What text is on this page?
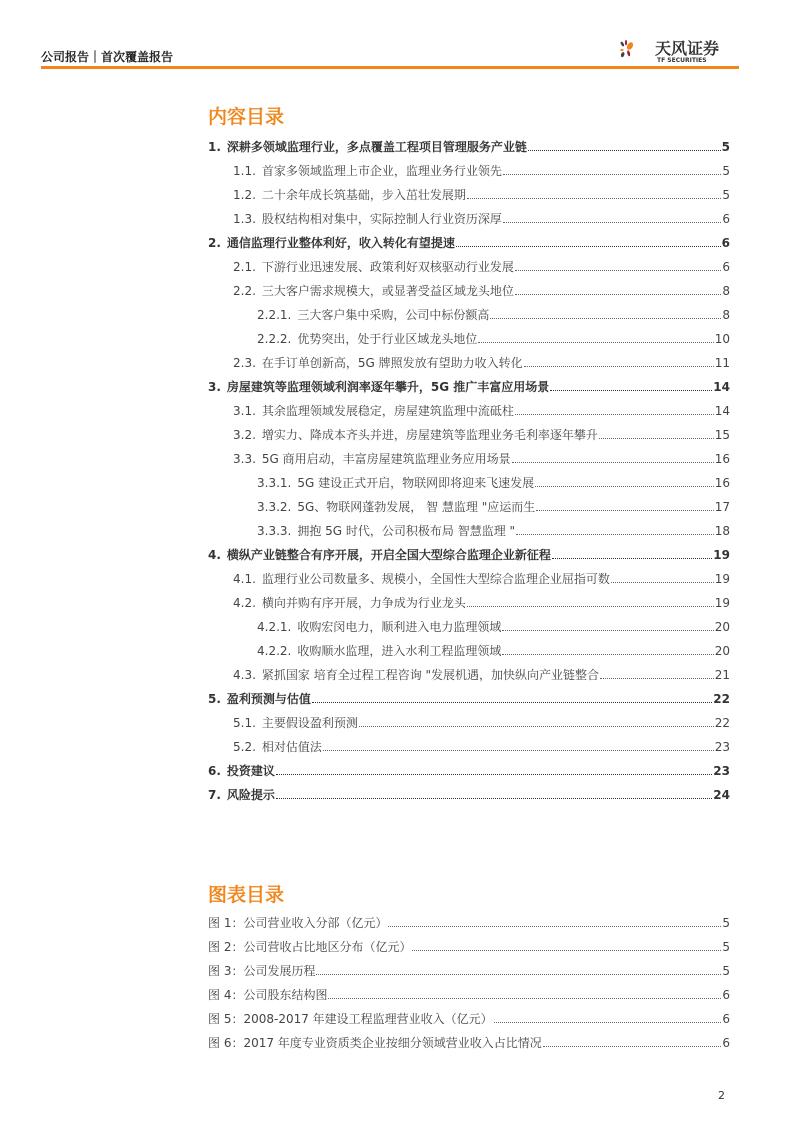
公司报告｜首次覆盖报告	天风证券
TF SECURITIES
内容目录
1. 深耕多领域监理行业，多点覆盖工程项目管理服务产业链	5
1.1. 首家多领域监理上市企业，监理业务行业领先	5
1.2. 二十余年成长筑基础，步入茁壮发展期	5
1.3. 股权结构相对集中，实际控制人行业资历深厚	6
2. 通信监理行业整体利好，收入转化有望提速	6
2.1. 下游行业迅速发展、政策利好双核驱动行业发展	6
2.2. 三大客户需求规模大，或显著受益区域龙头地位	8
2.2.1. 三大客户集中采购，公司中标份额高	8
2.2.2. 优势突出，处于行业区域龙头地位	10
2.3. 在手订单创新高，5G 牌照发放有望助力收入转化	11
3. 房屋建筑等监理领域利润率逐年攀升，5G 推广丰富应用场景	14
3.1. 其余监理领域发展稳定，房屋建筑监理中流砥柱	14
3.2. 增实力、降成本齐头并进，房屋建筑等监理业务毛利率逐年攀升	15
3.3. 5G 商用启动，丰富房屋建筑监理业务应用场景	16
3.3.1. 5G 建设正式开启，物联网即将迎来飞速发展	16
3.3.2. 5G、物联网蓬勃发展， 智 慧监理 "应运而生	17
3.3.3. 拥抱 5G 时代，公司积极布局 智慧监理 "	18
4. 横纵产业链整合有序开展，开启全国大型综合监理企业新征程	19
4.1. 监理行业公司数量多、规模小，全国性大型综合监理企业屈指可数	19
4.2. 横向并购有序开展，力争成为行业龙头	19
4.2.1. 收购宏闵电力，顺利进入电力监理领域	20
4.2.2. 收购顺水监理，进入水利工程监理领域	20
4.3. 紧抓国家 培育全过程工程咨询 "发展机遇，加快纵向产业链整合	21
5. 盈利预测与估值	22
5.1. 主要假设盈利预测	22
5.2. 相对估值法	23
6. 投资建议	23
7. 风险提示	24
图表目录
图 1：公司营业收入分部（亿元）	5
图 2：公司营收占比地区分布（亿元）	5
图 3：公司发展历程	5
图 4：公司股东结构图	6
图 5：2008-2017 年建设工程监理营业收入（亿元）	6
图 6：2017 年度专业资质类企业按细分领域营业收入占比情况	6
2
